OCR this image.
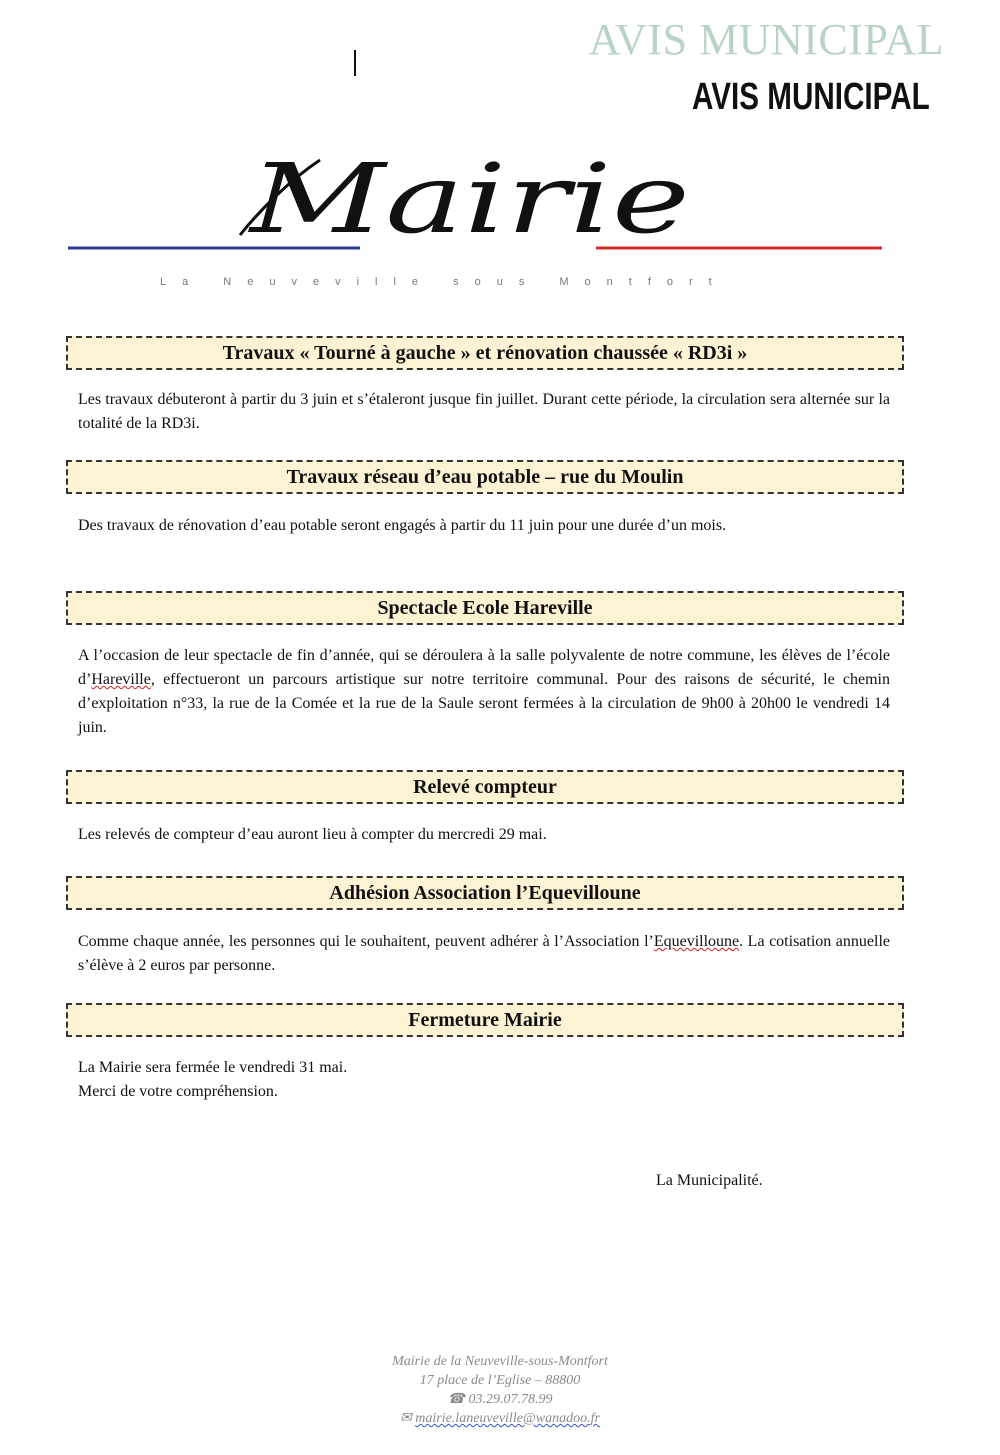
AVIS MUNICIPAL
AVIS MUNICIPAL
Mairie
La Neuveville sous Montfort
Travaux « Tourné à gauche » et rénovation chaussée « RD3i »
Les travaux débuteront à partir du 3 juin et s’étaleront jusque fin juillet. Durant cette période, la circulation sera alternée sur la totalité de la RD3i.
Travaux réseau d’eau potable – rue du Moulin
Des travaux de rénovation d’eau potable seront engagés à partir du 11 juin pour une durée d’un mois.
Spectacle Ecole Hareville
A l’occasion de leur spectacle de fin d’année, qui se déroulera à la salle polyvalente de notre commune, les élèves de l’école d’Hareville, effectueront un parcours artistique sur notre territoire communal. Pour des raisons de sécurité, le chemin d’exploitation n°33, la rue de la Comée et la rue de la Saule seront fermées à la circulation de 9h00 à 20h00 le vendredi 14 juin.
Relevé compteur
Les relevés de compteur d’eau auront lieu à compter du mercredi 29 mai.
Adhésion Association l’Equevilloune
Comme chaque année, les personnes qui le souhaitent, peuvent adhérer à l’Association l’Equevilloune. La cotisation annuelle s’élève à 2 euros par personne.
Fermeture Mairie
La Mairie sera fermée le vendredi 31 mai.
Merci de votre compréhension.
La Municipalité.
Mairie de la Neuveville-sous-Montfort
17 place de l’Eglise – 88800
☎ 03.29.07.78.99
✉ mairie.laneuveville@wanadoo.fr
